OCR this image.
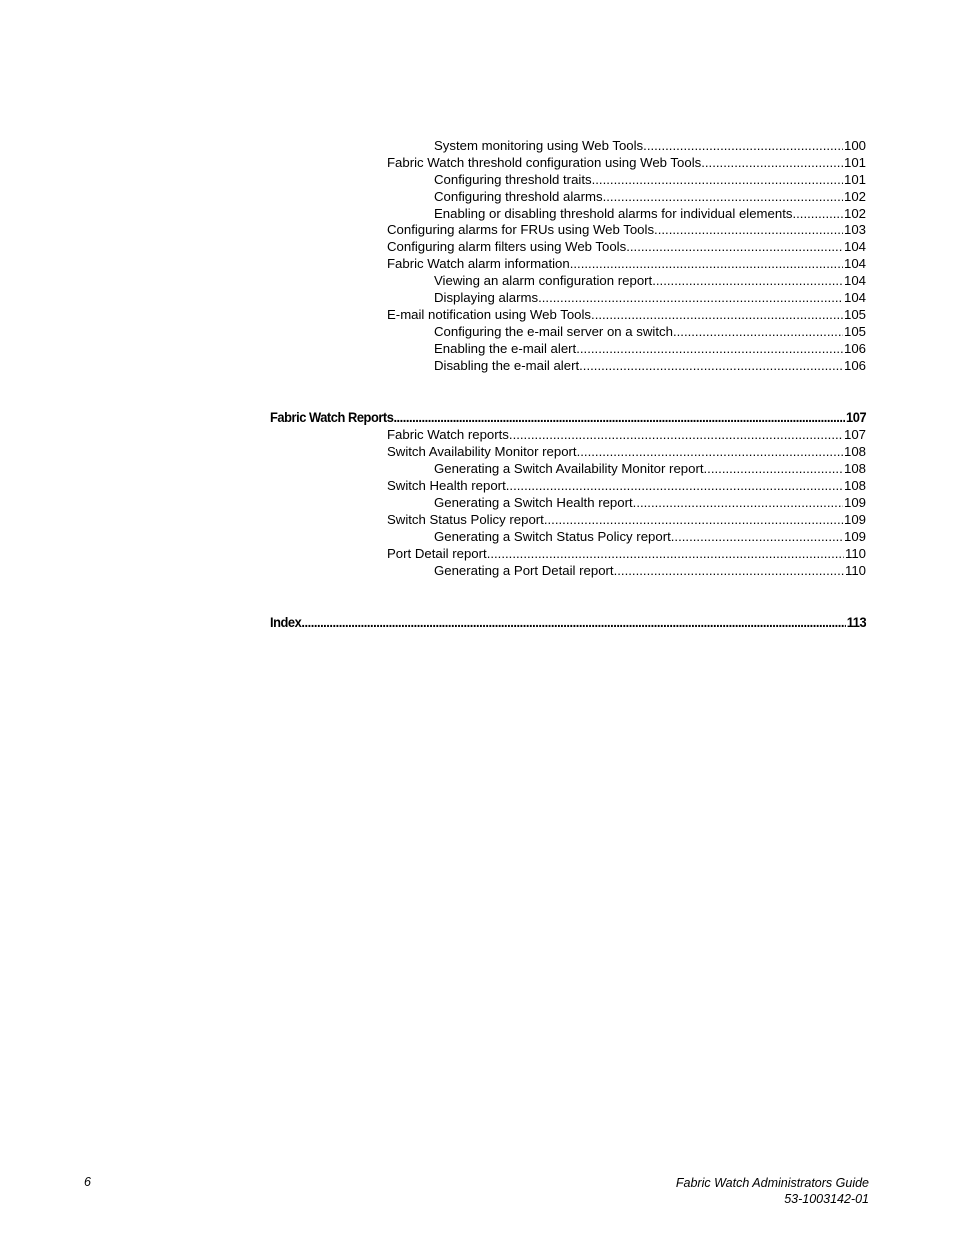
System monitoring using Web Tools .....	100
Fabric Watch threshold configuration using Web Tools .....	101
Configuring threshold traits .....	101
Configuring threshold alarms .....	102
Enabling or disabling threshold alarms for individual elements .....	102
Configuring alarms for FRUs using Web Tools .....	103
Configuring alarm filters using Web Tools .....	104
Fabric Watch alarm information .....	104
Viewing an alarm configuration report .....	104
Displaying alarms .....	104
E-mail notification using Web Tools .....	105
Configuring the e-mail server on a switch .....	105
Enabling the e-mail alert .....	106
Disabling the e-mail alert .....	106
Fabric Watch Reports .....	107
Fabric Watch reports .....	107
Switch Availability Monitor report .....	108
Generating a Switch Availability Monitor report .....	108
Switch Health report .....	108
Generating a Switch Health report .....	109
Switch Status Policy report .....	109
Generating a Switch Status Policy report .....	109
Port Detail report .....	110
Generating a Port Detail report .....	110
Index .....	113
6	Fabric Watch Administrators Guide
53-1003142-01
